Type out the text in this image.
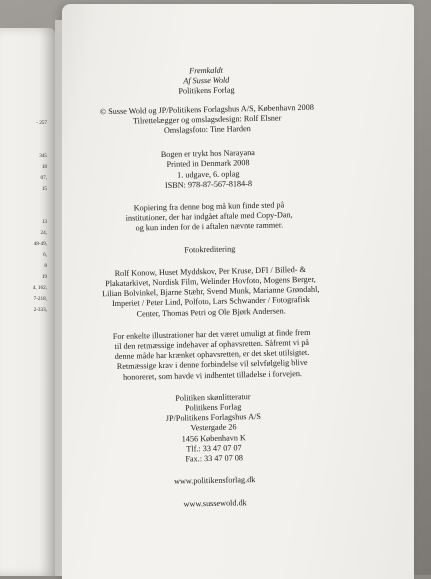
- 257

345
18
07,
15

13
24,
48-49,
6,
8
19
4, 162,
7-218,
2-333,
Fremkaldt
Af Susse Wold
Politikens Forlag
© Susse Wold og JP/Politikens Forlagshus A/S, København 2008
Tilrettelægger og omslagsdesign: Rolf Elsner
Omslagsfoto: Tine Harden
Bogen er trykt hos Narayana
Printed in Denmark 2008
1. udgave, 6. oplag
ISBN: 978-87-567-8184-8
Kopiering fra denne bog må kun finde sted på
institutioner, der har indgået aftale med Copy-Dan,
og kun inden for de i aftalen nævnte rammer.
Fotokreditering
Rolf Konow, Huset Myddskov, Per Kruse, DFI / Billed- &
Plakatarkivet, Nordisk Film, Welinder Hovfoto, Mogens Berger,
Lilian Bolvinkel, Bjarne Stæhr, Svend Munk, Marianne Grøndahl,
Imperiet / Peter Lind, Polfoto, Lars Schwander / Fotografisk
Center, Thomas Petri og Ole Bjørk Andersen.
For enkelte illustrationer har det været umuligt at finde frem
til den retmæssige indehaver af ophavsretten. Såfremt vi på
denne måde har krænket ophavsretten, er det sket utilsigtet.
Retmæssige krav i denne forbindelse vil selvfølgelig blive
honoreret, som havde vi indhentet tilladelse i forvejen.
Politiken skønlitteratur
Politikens Forlag
JP/Politikens Forlagshus A/S
Vestergade 26
1456 København K
Tlf.: 33 47 07 07
Fax.: 33 47 07 08
www.politikensforlag.dk
www.sussewold.dk
